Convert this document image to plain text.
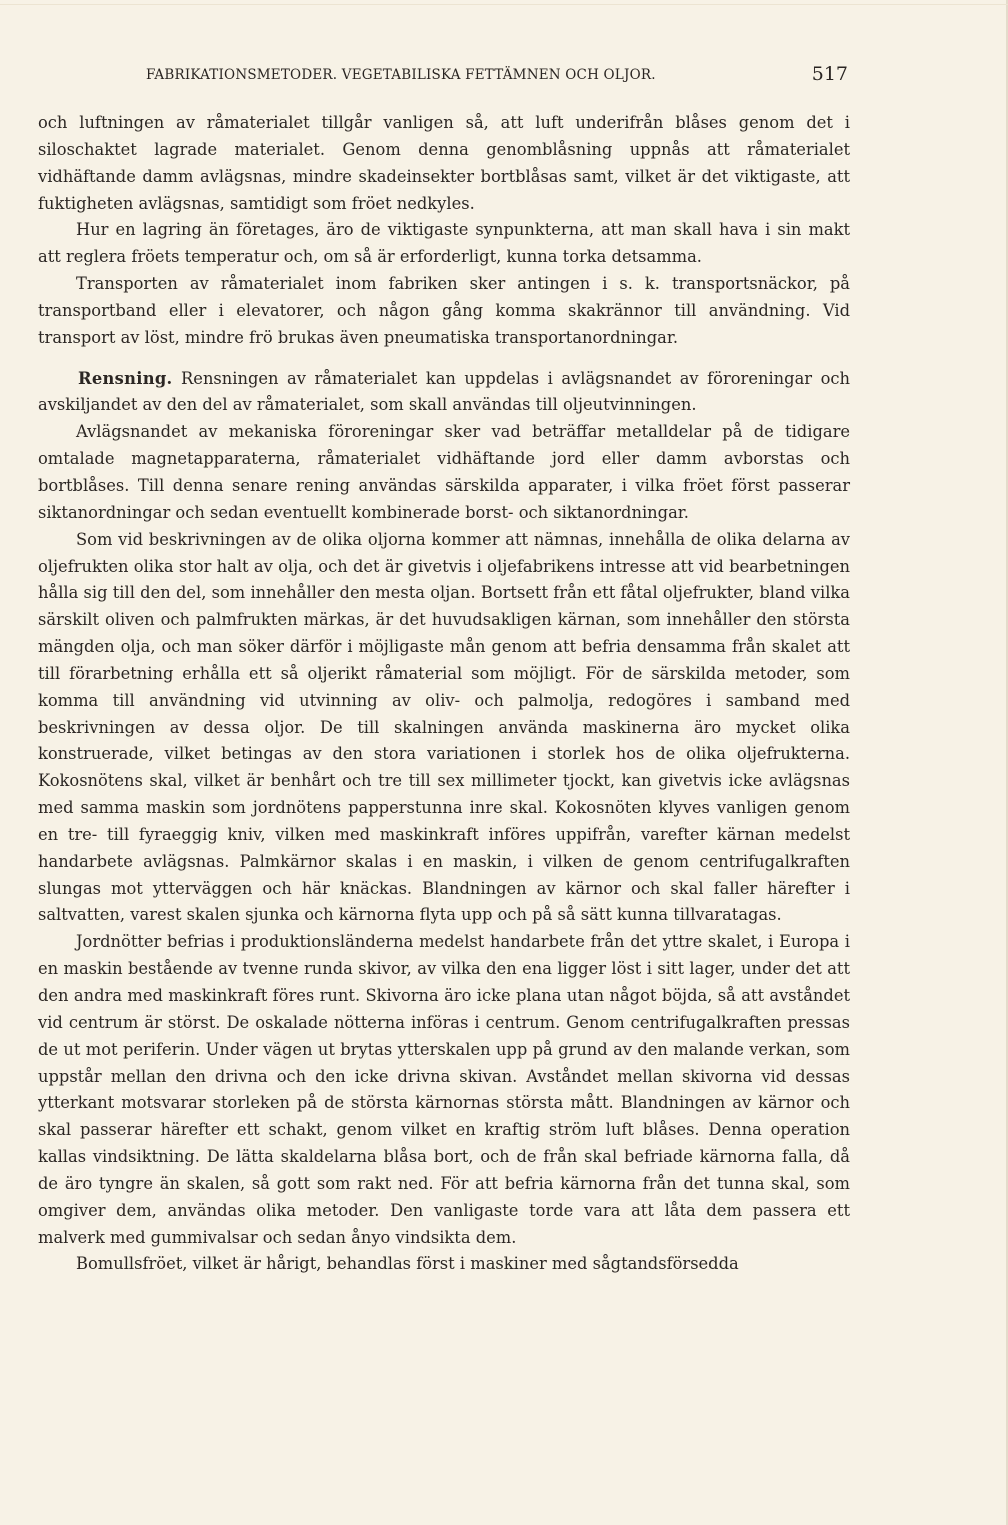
FABRIKATIONSMETODER. VEGETABILISKA FETTÄMNEN OCH OLJOR.	517

och luftningen av råmaterialet tillgår vanligen så, att luft underifrån blåses genom det i siloschaktet lagrade materialet. Genom denna genomblåsning uppnås att råmaterialet vidhäftande damm avlägsnas, mindre skadeinsekter bortblåsas samt, vilket är det viktigaste, att fuktigheten avlägsnas, samtidigt som fröet nedkyles.

Hur en lagring än företages, äro de viktigaste synpunkterna, att man skall hava i sin makt att reglera fröets temperatur och, om så är erforderligt, kunna torka detsamma.

Transporten av råmaterialet inom fabriken sker antingen i s. k. transportsnäckor, på transportband eller i elevatorer, och någon gång komma skakrännor till användning. Vid transport av löst, mindre frö brukas även pneumatiska transportanordningar.

Rensning. Rensningen av råmaterialet kan uppdelas i avlägsnandet av föroreningar och avskiljandet av den del av råmaterialet, som skall användas till oljeutvinningen.

Avlägsnandet av mekaniska föroreningar sker vad beträffar metalldelar på de tidigare omtalade magnetapparaterna, råmaterialet vidhäftande jord eller damm avborstas och bortblåses. Till denna senare rening användas särskilda apparater, i vilka fröet först passerar siktanordningar och sedan eventuellt kombinerade borst- och siktanordningar.

Som vid beskrivningen av de olika oljorna kommer att nämnas, innehålla de olika delarna av oljefrukten olika stor halt av olja, och det är givetvis i oljefabrikens intresse att vid bearbetningen hålla sig till den del, som innehåller den mesta oljan. Bortsett från ett fåtal oljefrukter, bland vilka särskilt oliven och palmfrukten märkas, är det huvudsakligen kärnan, som innehåller den största mängden olja, och man söker därför i möjligaste mån genom att befria densamma från skalet att till förarbetning erhålla ett så oljerikt råmaterial som möjligt. För de särskilda metoder, som komma till användning vid utvinning av oliv- och palmolja, redogöres i samband med beskrivningen av dessa oljor. De till skalningen använda maskinerna äro mycket olika konstruerade, vilket betingas av den stora variationen i storlek hos de olika oljefrukterna. Kokosnötens skal, vilket är benhårt och tre till sex millimeter tjockt, kan givetvis icke avlägsnas med samma maskin som jordnötens papperstunna inre skal. Kokosnöten klyves vanligen genom en tre- till fyraeggig kniv, vilken med maskinkraft införes uppifrån, varefter kärnan medelst handarbete avlägsnas. Palmkärnor skalas i en maskin, i vilken de genom centrifugalkraften slungas mot ytterväggen och här knäckas. Blandningen av kärnor och skal faller härefter i saltvatten, varest skalen sjunka och kärnorna flyta upp och på så sätt kunna tillvaratagas.

Jordnötter befrias i produktionsländerna medelst handarbete från det yttre skalet, i Europa i en maskin bestående av tvenne runda skivor, av vilka den ena ligger löst i sitt lager, under det att den andra med maskinkraft föres runt. Skivorna äro icke plana utan något böjda, så att avståndet vid centrum är störst. De oskalade nötterna införas i centrum. Genom centrifugalkraften pressas de ut mot periferin. Under vägen ut brytas ytterskalen upp på grund av den malande verkan, som uppstår mellan den drivna och den icke drivna skivan. Avståndet mellan skivorna vid dessas ytterkant motsvarar storleken på de största kärnornas största mått. Blandningen av kärnor och skal passerar härefter ett schakt, genom vilket en kraftig ström luft blåses. Denna operation kallas vindsiktning. De lätta skaldelarna blåsa bort, och de från skal befriade kärnorna falla, då de äro tyngre än skalen, så gott som rakt ned. För att befria kärnorna från det tunna skal, som omgiver dem, användas olika metoder. Den vanligaste torde vara att låta dem passera ett malverk med gummivalsar och sedan ånyo vindsikta dem.

Bomullsfröet, vilket är hårigt, behandlas först i maskiner med sågtandsförsedda
